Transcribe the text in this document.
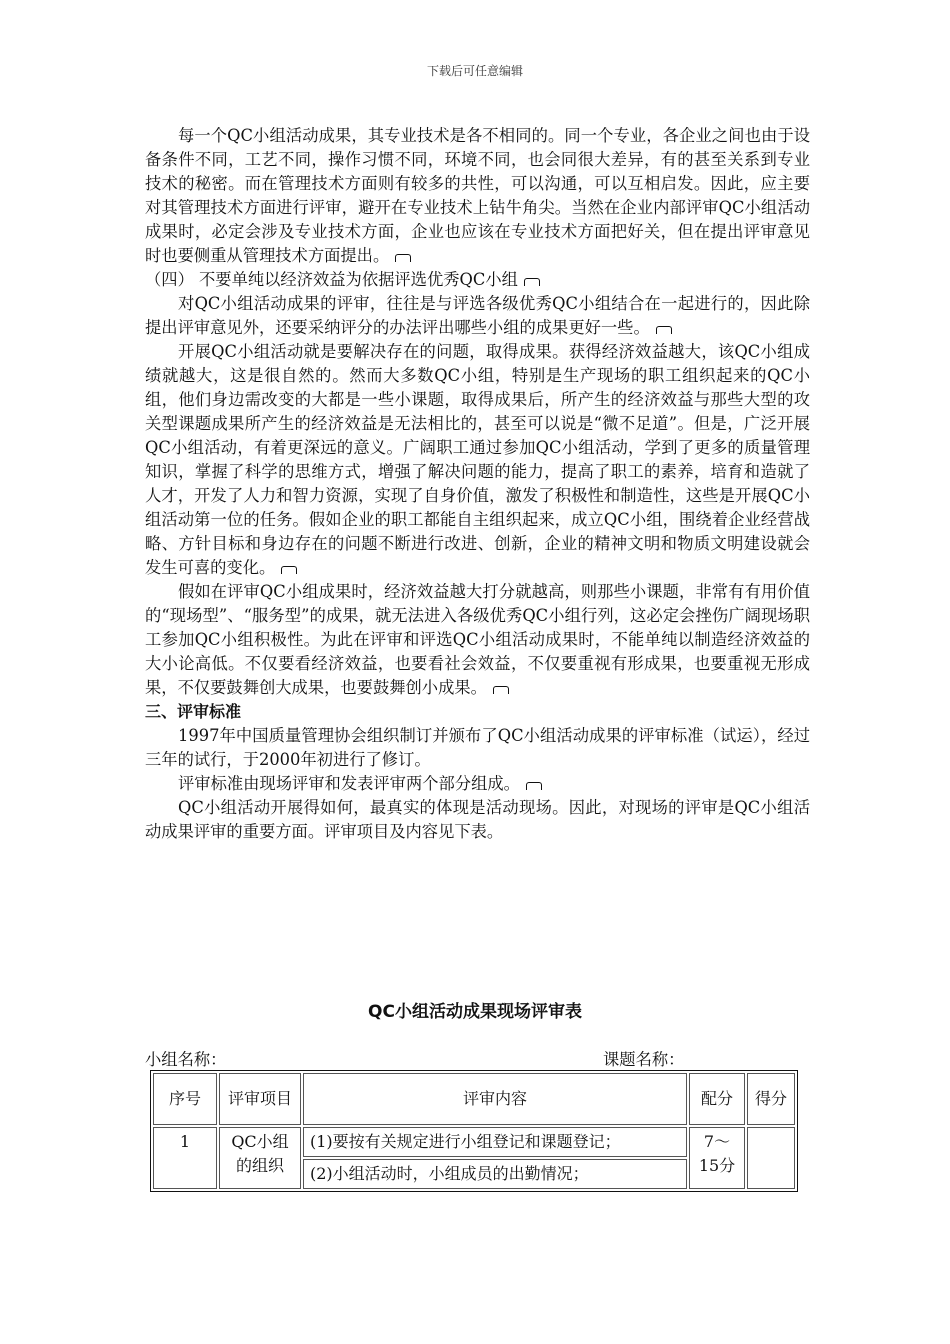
下载后可任意编辑

每一个QC小组活动成果，其专业技术是各不相同的。同一个专业，各企业之间也由于设备条件不同，工艺不同，操作习惯不同，环境不同，也会同很大差异，有的甚至关系到专业技术的秘密。而在管理技术方面则有较多的共性，可以沟通，可以互相启发。因此，应主要对其管理技术方面进行评审，避开在专业技术上钻牛角尖。当然在企业内部评审QC小组活动成果时，必定会涉及专业技术方面，企业也应该在专业技术方面把好关，但在提出评审意见时也要侧重从管理技术方面提出。

（四） 不要单纯以经济效益为依据评选优秀QC小组

对QC小组活动成果的评审，往往是与评选各级优秀QC小组结合在一起进行的，因此除提出评审意见外，还要采纳评分的办法评出哪些小组的成果更好一些。

开展QC小组活动就是要解决存在的问题，取得成果。获得经济效益越大，该QC小组成绩就越大，这是很自然的。然而大多数QC小组，特别是生产现场的职工组织起来的QC小组，他们身边需改变的大都是一些小课题，取得成果后，所产生的经济效益与那些大型的攻关型课题成果所产生的经济效益是无法相比的，甚至可以说是“微不足道”。但是，广泛开展QC小组活动，有着更深远的意义。广阔职工通过参加QC小组活动，学到了更多的质量管理知识，掌握了科学的思维方式，增强了解决问题的能力，提高了职工的素养，培育和造就了人才，开发了人力和智力资源，实现了自身价值，激发了积极性和制造性，这些是开展QC小组活动第一位的任务。假如企业的职工都能自主组织起来，成立QC小组，围绕着企业经营战略、方针目标和身边存在的问题不断进行改进、创新，企业的精神文明和物质文明建设就会发生可喜的变化。

假如在评审QC小组成果时，经济效益越大打分就越高，则那些小课题，非常有有用价值的“现场型”、“服务型”的成果，就无法进入各级优秀QC小组行列，这必定会挫伤广阔现场职工参加QC小组积极性。为此在评审和评选QC小组活动成果时，不能单纯以制造经济效益的大小论高低。不仅要看经济效益，也要看社会效益，不仅要重视有形成果，也要重视无形成果，不仅要鼓舞创大成果，也要鼓舞创小成果。

三、评审标准

1997年中国质量管理协会组织制订并颁布了QC小组活动成果的评审标准（试运），经过三年的试行，于2000年初进行了修订。

评审标准由现场评审和发表评审两个部分组成。

QC小组活动开展得如何，最真实的体现是活动现场。因此，对现场的评审是QC小组活动成果评审的重要方面。评审项目及内容见下表。

QC小组活动成果现场评审表
小组名称：	课题名称：
序号	评审项目	评审内容	配分	得分
1	QC小组的组织	(1)要按有关规定进行小组登记和课题登记；	7～15分	
		(2)小组活动时，小组成员的出勤情况；		
